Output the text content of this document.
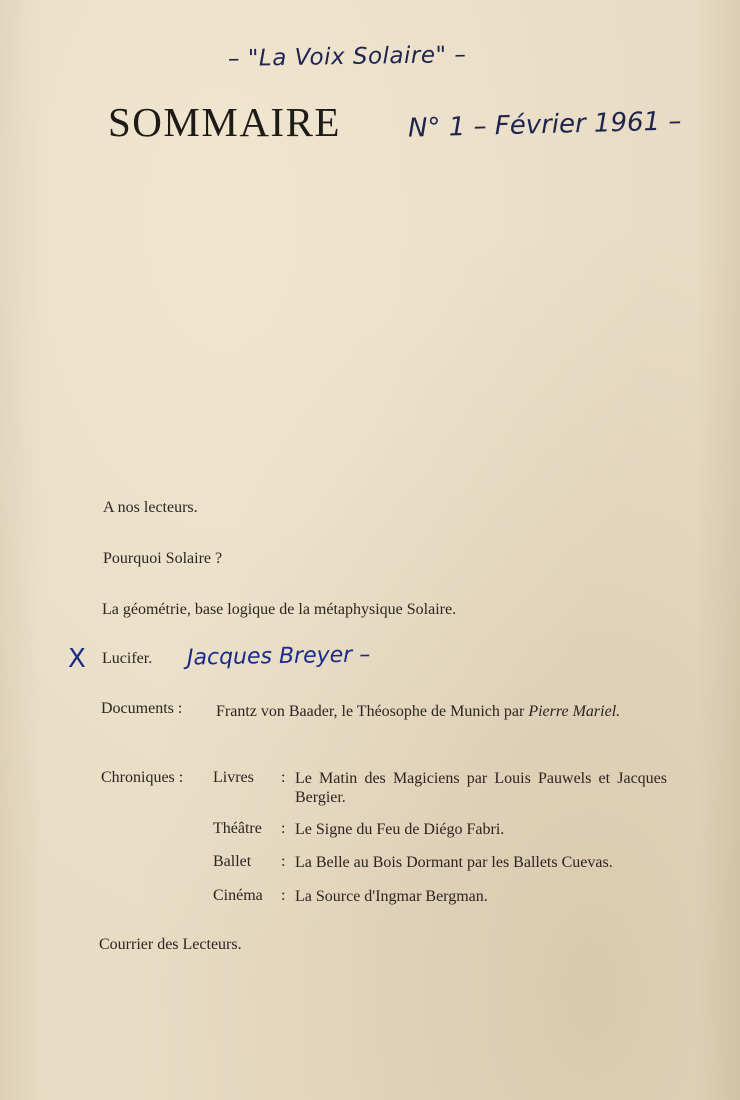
– "La Voix Solaire" –
SOMMAIRE	N° 1 – Février 1961 –
A nos lecteurs.
Pourquoi Solaire ?
La géométrie, base logique de la métaphysique Solaire.
X Lucifer. Jacques Breyer –
Documents : Frantz von Baader, le Théosophe de Munich par Pierre Mariel.
Chroniques : Livres : Le Matin des Magiciens par Louis Pauwels et Jacques Bergier.
Théâtre : Le Signe du Feu de Diégo Fabri.
Ballet : La Belle au Bois Dormant par les Ballets Cuevas.
Cinéma : La Source d'Ingmar Bergman.
Courrier des Lecteurs.
